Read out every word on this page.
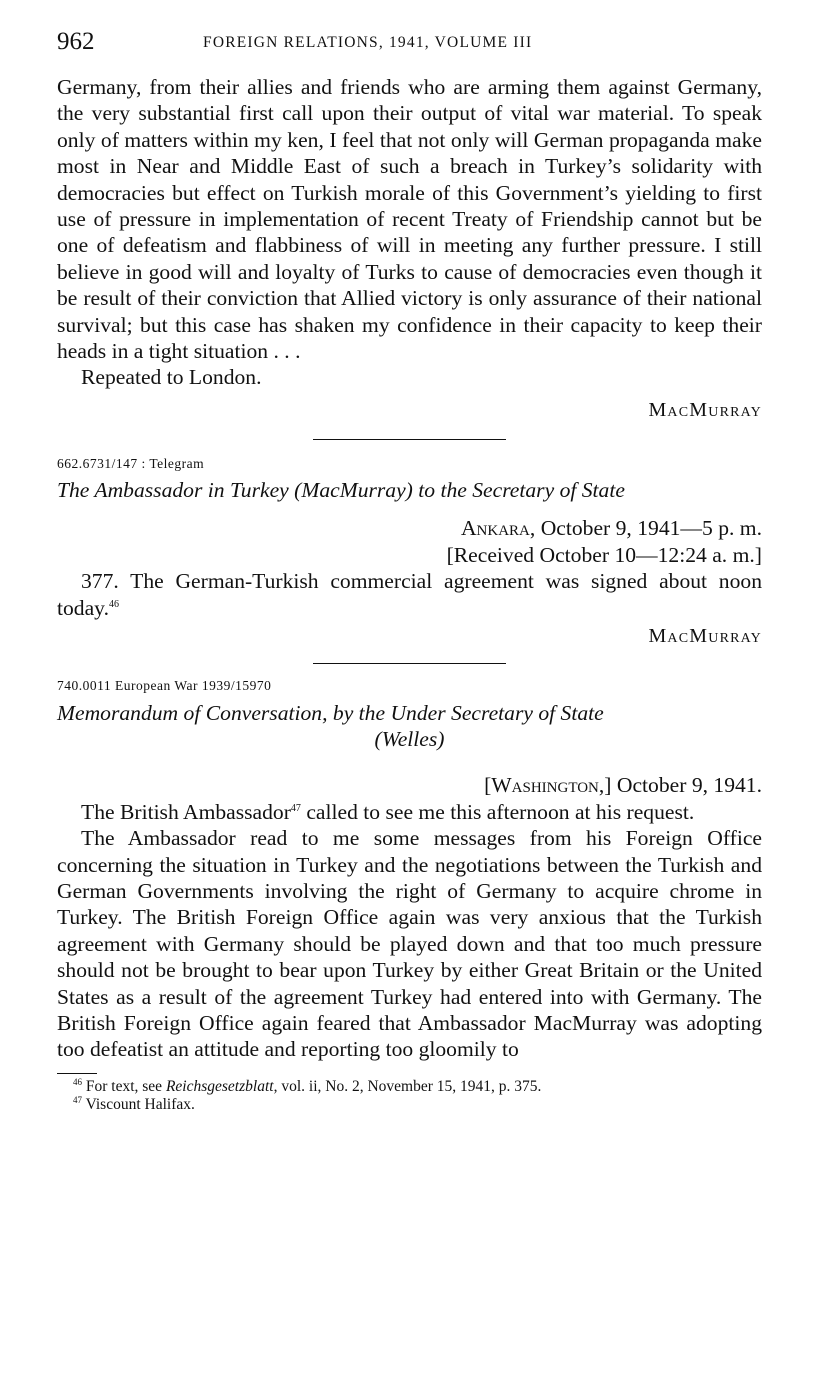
962	FOREIGN RELATIONS, 1941, VOLUME III

Germany, from their allies and friends who are arming them against Germany, the very substantial first call upon their output of vital war material. To speak only of matters within my ken, I feel that not only will German propaganda make most in Near and Middle East of such a breach in Turkey’s solidarity with democracies but effect on Turkish morale of this Government’s yielding to first use of pressure in implementation of recent Treaty of Friendship cannot but be one of defeatism and flabbiness of will in meeting any further pressure. I still believe in good will and loyalty of Turks to cause of democracies even though it be result of their conviction that Allied victory is only assurance of their national survival; but this case has shaken my confidence in their capacity to keep their heads in a tight situation . . .

Repeated to London.

MacMurray

662.6731/147 : Telegram
The Ambassador in Turkey (MacMurray) to the Secretary of State

Ankara, October 9, 1941—5 p. m.

[Received October 10—12:24 a. m.]

377. The German-Turkish commercial agreement was signed about noon today.$^{46}$

MacMurray

740.0011 European War 1939/15970
Memorandum of Conversation, by the Under Secretary of State
(Welles)

[Washington,] October 9, 1941.

The British Ambassador$^{47}$ called to see me this afternoon at his request.

The Ambassador read to me some messages from his Foreign Office concerning the situation in Turkey and the negotiations between the Turkish and German Governments involving the right of Germany to acquire chrome in Turkey. The British Foreign Office again was very anxious that the Turkish agreement with Germany should be played down and that too much pressure should not be brought to bear upon Turkey by either Great Britain or the United States as a result of the agreement Turkey had entered into with Germany. The British Foreign Office again feared that Ambassador MacMurray was adopting too defeatist an attitude and reporting too gloomily to

$^{46}$ For text, see Reichsgesetzblatt, vol. ii, No. 2, November 15, 1941, p. 375.
$^{47}$ Viscount Halifax.
